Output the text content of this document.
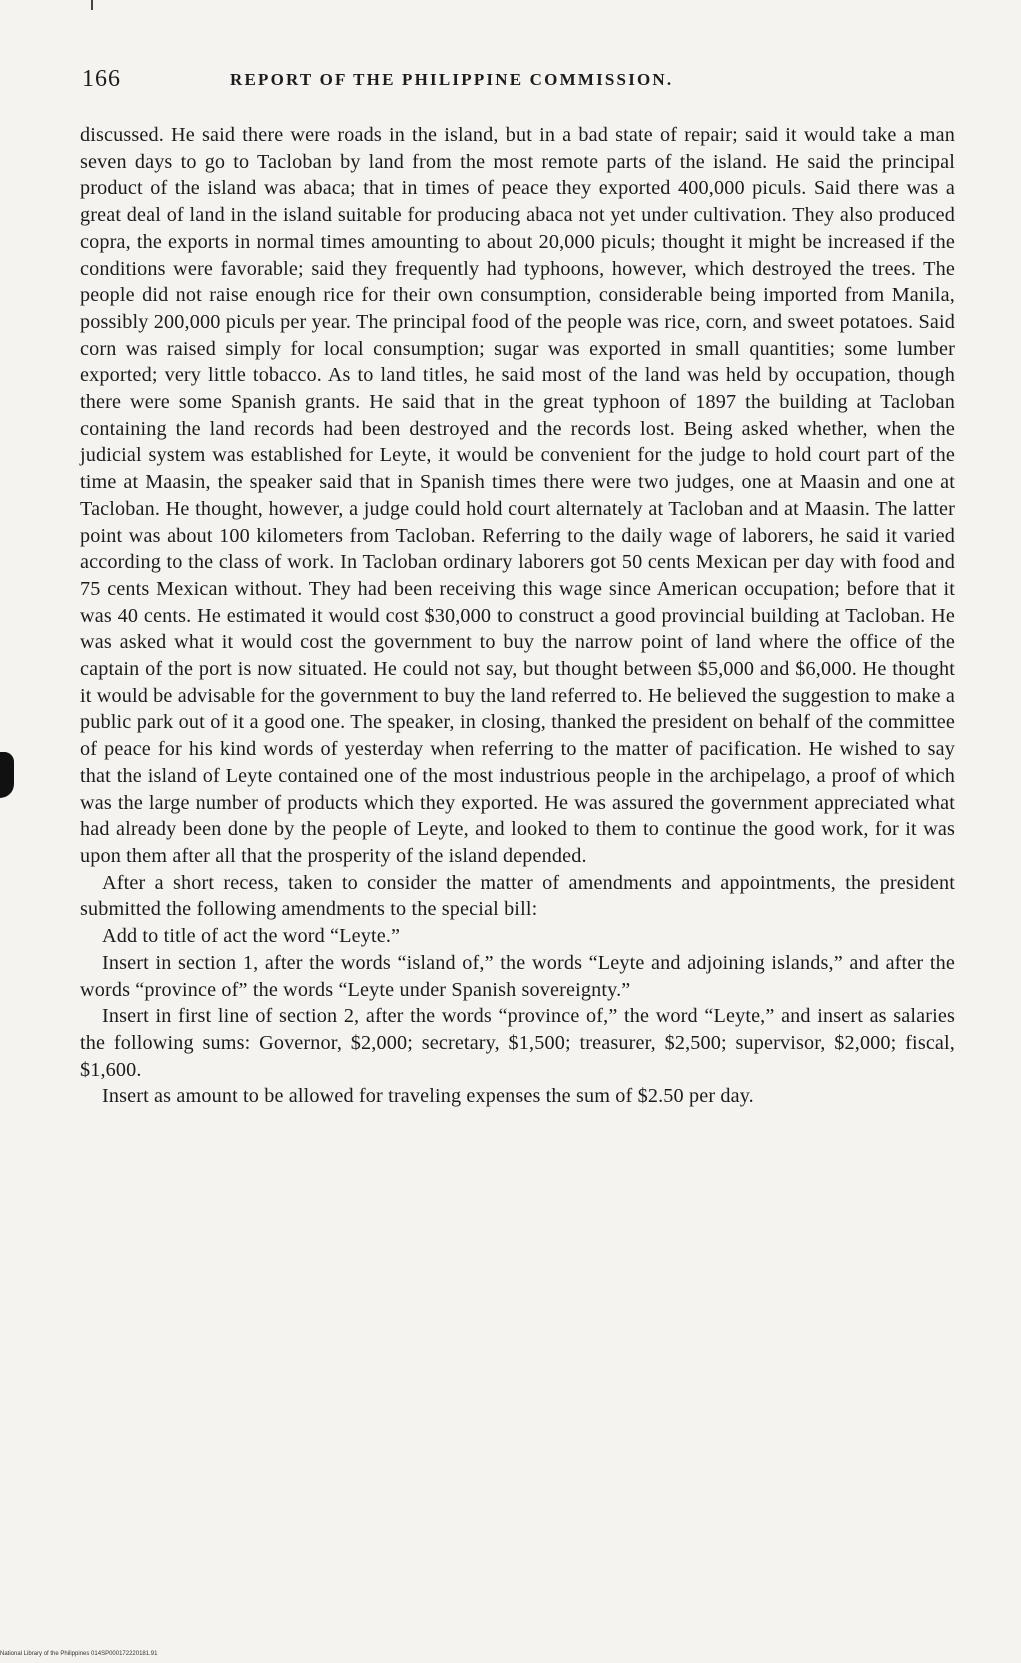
166	REPORT OF THE PHILIPPINE COMMISSION.

discussed. He said there were roads in the island, but in a bad state of repair; said it would take a man seven days to go to Tacloban by land from the most remote parts of the island. He said the principal product of the island was abaca; that in times of peace they exported 400,000 piculs. Said there was a great deal of land in the island suitable for producing abaca not yet under cultivation. They also produced copra, the exports in normal times amounting to about 20,000 piculs; thought it might be increased if the conditions were favorable; said they frequently had typhoons, however, which destroyed the trees. The people did not raise enough rice for their own consumption, considerable being imported from Manila, possibly 200,000 piculs per year. The principal food of the people was rice, corn, and sweet potatoes. Said corn was raised simply for local consumption; sugar was exported in small quantities; some lumber exported; very little tobacco. As to land titles, he said most of the land was held by occupation, though there were some Spanish grants. He said that in the great typhoon of 1897 the building at Tacloban containing the land records had been destroyed and the records lost. Being asked whether, when the judicial system was established for Leyte, it would be convenient for the judge to hold court part of the time at Maasin, the speaker said that in Spanish times there were two judges, one at Maasin and one at Tacloban. He thought, however, a judge could hold court alternately at Tacloban and at Maasin. The latter point was about 100 kilometers from Tacloban. Referring to the daily wage of laborers, he said it varied according to the class of work. In Tacloban ordinary laborers got 50 cents Mexican per day with food and 75 cents Mexican without. They had been receiving this wage since American occupation; before that it was 40 cents. He estimated it would cost $30,000 to construct a good provincial building at Tacloban. He was asked what it would cost the government to buy the narrow point of land where the office of the captain of the port is now situated. He could not say, but thought between $5,000 and $6,000. He thought it would be advisable for the government to buy the land referred to. He believed the suggestion to make a public park out of it a good one. The speaker, in closing, thanked the president on behalf of the committee of peace for his kind words of yesterday when referring to the matter of pacification. He wished to say that the island of Leyte contained one of the most industrious people in the archipelago, a proof of which was the large number of products which they exported. He was assured the government appreciated what had already been done by the people of Leyte, and looked to them to continue the good work, for it was upon them after all that the prosperity of the island depended.

After a short recess, taken to consider the matter of amendments and appointments, the president submitted the following amendments to the special bill:

Add to title of act the word “Leyte.”

Insert in section 1, after the words “island of,” the words “Leyte and adjoining islands,” and after the words “province of” the words “Leyte under Spanish sovereignty.”

Insert in first line of section 2, after the words “province of,” the word “Leyte,” and insert as salaries the following sums: Governor, $2,000; secretary, $1,500; treasurer, $2,500; supervisor, $2,000; fiscal, $1,600.

Insert as amount to be allowed for traveling expenses the sum of $2.50 per day.

National Library of the Philippines 014SP000172220181.91
